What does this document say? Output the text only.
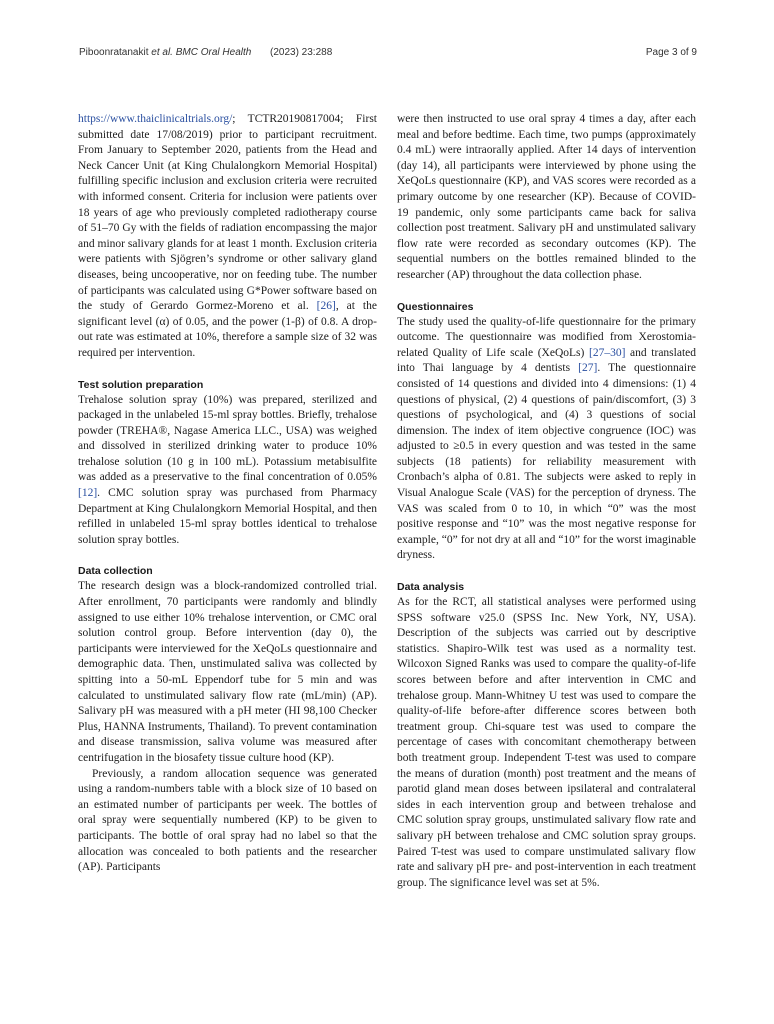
Piboonratanakit et al. BMC Oral Health (2023) 23:288	Page 3 of 9

https://www.thaiclinicaltrials.org/; TCTR20190817004; First submitted date 17/08/2019) prior to participant recruitment. From January to September 2020, patients from the Head and Neck Cancer Unit (at King Chulalongkorn Memorial Hospital) fulfilling specific inclusion and exclusion criteria were recruited with informed consent. Criteria for inclusion were patients over 18 years of age who previously completed radiotherapy course of 51–70 Gy with the fields of radiation encompassing the major and minor salivary glands for at least 1 month. Exclusion criteria were patients with Sjögren’s syndrome or other salivary gland diseases, being uncooperative, nor on feeding tube. The number of participants was calculated using G*Power software based on the study of Gerardo Gormez-Moreno et al. [26], at the significant level (α) of 0.05, and the power (1-β) of 0.8. A drop-out rate was estimated at 10%, therefore a sample size of 32 was required per intervention.

Test solution preparation

Trehalose solution spray (10%) was prepared, sterilized and packaged in the unlabeled 15-ml spray bottles. Briefly, trehalose powder (TREHA®, Nagase America LLC., USA) was weighed and dissolved in sterilized drinking water to produce 10% trehalose solution (10 g in 100 mL). Potassium metabisulfite was added as a preservative to the final concentration of 0.05% [12]. CMC solution spray was purchased from Pharmacy Department at King Chulalongkorn Memorial Hospital, and then refilled in unlabeled 15-ml spray bottles identical to trehalose solution spray bottles.

Data collection

The research design was a block-randomized controlled trial. After enrollment, 70 participants were randomly and blindly assigned to use either 10% trehalose intervention, or CMC oral solution control group. Before intervention (day 0), the participants were interviewed for the XeQoLs questionnaire and demographic data. Then, unstimulated saliva was collected by spitting into a 50-mL Eppendorf tube for 5 min and was calculated to unstimulated salivary flow rate (mL/min) (AP). Salivary pH was measured with a pH meter (HI 98,100 Checker Plus, HANNA Instruments, Thailand). To prevent contamination and disease transmission, saliva volume was measured after centrifugation in the biosafety tissue culture hood (KP).

Previously, a random allocation sequence was generated using a random-numbers table with a block size of 10 based on an estimated number of participants per week. The bottles of oral spray were sequentially numbered (KP) to be given to participants. The bottle of oral spray had no label so that the allocation was concealed to both patients and the researcher (AP). Participants

were then instructed to use oral spray 4 times a day, after each meal and before bedtime. Each time, two pumps (approximately 0.4 mL) were intraorally applied. After 14 days of intervention (day 14), all participants were interviewed by phone using the XeQoLs questionnaire (KP), and VAS scores were recorded as a primary outcome by one researcher (KP). Because of COVID-19 pandemic, only some participants came back for saliva collection post treatment. Salivary pH and unstimulated salivary flow rate were recorded as secondary outcomes (KP). The sequential numbers on the bottles remained blinded to the researcher (AP) throughout the data collection phase.

Questionnaires

The study used the quality-of-life questionnaire for the primary outcome. The questionnaire was modified from Xerostomia-related Quality of Life scale (XeQoLs) [27–30] and translated into Thai language by 4 dentists [27]. The questionnaire consisted of 14 questions and divided into 4 dimensions: (1) 4 questions of physical, (2) 4 questions of pain/discomfort, (3) 3 questions of psychological, and (4) 3 questions of social dimension. The index of item objective congruence (IOC) was adjusted to ≥0.5 in every question and was tested in the same subjects (18 patients) for reliability measurement with Cronbach’s alpha of 0.81. The subjects were asked to reply in Visual Analogue Scale (VAS) for the perception of dryness. The VAS was scaled from 0 to 10, in which “0” was the most positive response and “10” was the most negative response for example, “0” for not dry at all and “10” for the worst imaginable dryness.

Data analysis

As for the RCT, all statistical analyses were performed using SPSS software v25.0 (SPSS Inc. New York, NY, USA). Description of the subjects was carried out by descriptive statistics. Shapiro-Wilk test was used as a normality test. Wilcoxon Signed Ranks was used to compare the quality-of-life scores between before and after intervention in CMC and trehalose group. Mann-Whitney U test was used to compare the quality-of-life before-after difference scores between both treatment group. Chi-square test was used to compare the percentage of cases with concomitant chemotherapy between both treatment group. Independent T-test was used to compare the means of duration (month) post treatment and the means of parotid gland mean doses between ipsilateral and contralateral sides in each intervention group and between trehalose and CMC solution spray groups, unstimulated salivary flow rate and salivary pH between trehalose and CMC solution spray groups. Paired T-test was used to compare unstimulated salivary flow rate and salivary pH pre- and post-intervention in each treatment group. The significance level was set at 5%.
